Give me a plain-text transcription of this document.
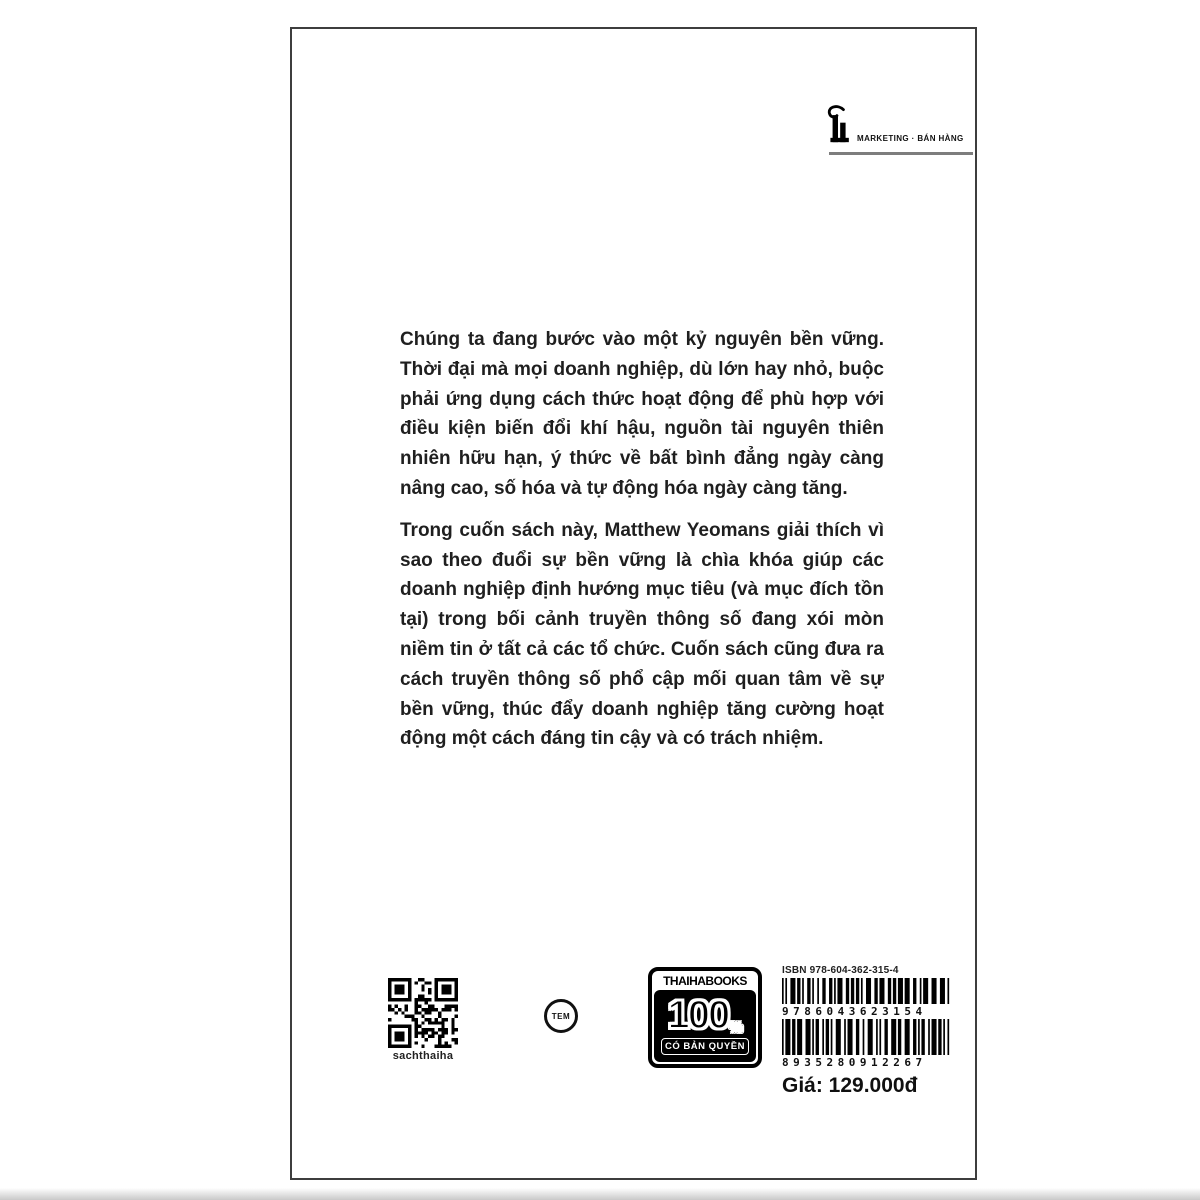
MARKETING · BÁN HÀNG

Chúng ta đang bước vào một kỷ nguyên bền vững. Thời đại mà mọi doanh nghiệp, dù lớn hay nhỏ, buộc phải ứng dụng cách thức hoạt động để phù hợp với điều kiện biến đổi khí hậu, nguồn tài nguyên thiên nhiên hữu hạn, ý thức về bất bình đẳng ngày càng nâng cao, số hóa và tự động hóa ngày càng tăng.

Trong cuốn sách này, Matthew Yeomans giải thích vì sao theo đuổi sự bền vững là chìa khóa giúp các doanh nghiệp định hướng mục tiêu (và mục đích tồn tại) trong bối cảnh truyền thông số đang xói mòn niềm tin ở tất cả các tổ chức. Cuốn sách cũng đưa ra cách truyền thông số phổ cập mối quan tâm về sự bền vững, thúc đẩy doanh nghiệp tăng cường hoạt động một cách đáng tin cậy và có trách nhiệm.

sachthaiha
TEM
THAIHABOOKS
100 %
CÓ BẢN QUYỀN
ISBN 978-604-362-315-4
9786043623154
8935280912267
Giá: 129.000đ
